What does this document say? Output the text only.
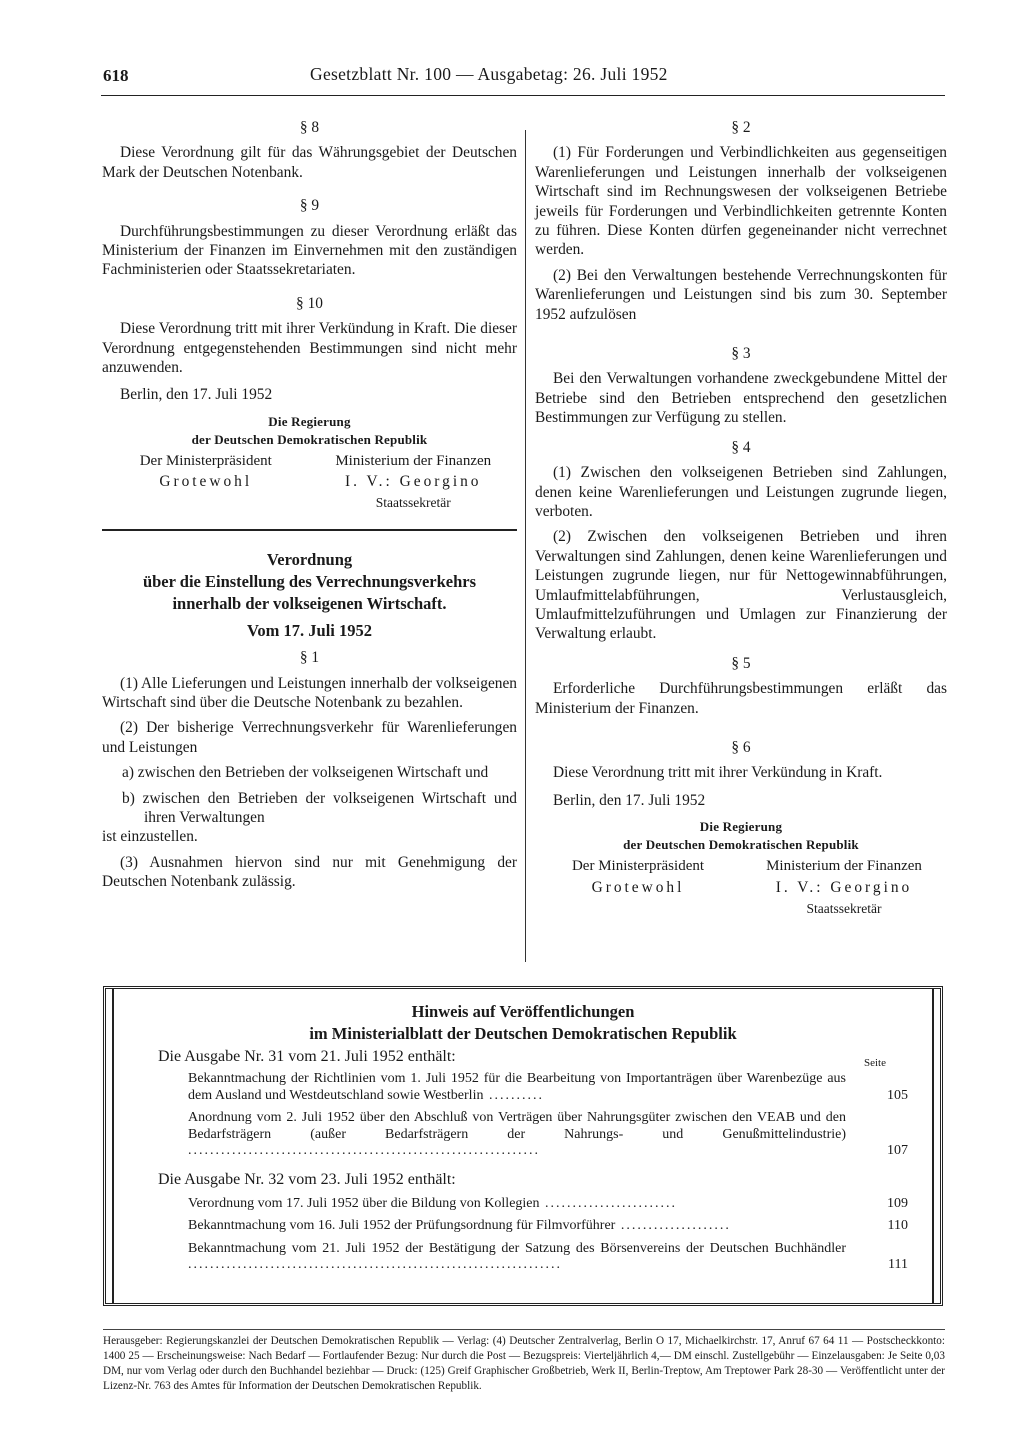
618	Gesetzblatt Nr. 100 — Ausgabetag: 26. Juli 1952
§ 8

Diese Verordnung gilt für das Währungsgebiet der Deutschen Mark der Deutschen Notenbank.

§ 9

Durchführungsbestimmungen zu dieser Verordnung erläßt das Ministerium der Finanzen im Einvernehmen mit den zuständigen Fachministerien oder Staatssekretariaten.

§ 10

Diese Verordnung tritt mit ihrer Verkündung in Kraft. Die dieser Verordnung entgegenstehenden Bestimmungen sind nicht mehr anzuwenden.

Berlin, den 17. Juli 1952
Die Regierung
der Deutschen Demokratischen Republik
Der Ministerpräsident
Grotewohl
Ministerium der Finanzen
I. V.: Georgino
Staatssekretär
Verordnung
über die Einstellung des Verrechnungsverkehrs
innerhalb der volkseigenen Wirtschaft.
Vom 17. Juli 1952
§ 1

(1) Alle Lieferungen und Leistungen innerhalb der volkseigenen Wirtschaft sind über die Deutsche Notenbank zu bezahlen.

(2) Der bisherige Verrechnungsverkehr für Warenlieferungen und Leistungen

a) zwischen den Betrieben der volkseigenen Wirtschaft und

b) zwischen den Betrieben der volkseigenen Wirtschaft und ihren Verwaltungen

ist einzustellen.

(3) Ausnahmen hiervon sind nur mit Genehmigung der Deutschen Notenbank zulässig.

§ 2

(1) Für Forderungen und Verbindlichkeiten aus gegenseitigen Warenlieferungen und Leistungen innerhalb der volkseigenen Wirtschaft sind im Rechnungswesen der volkseigenen Betriebe jeweils für Forderungen und Verbindlichkeiten getrennte Konten zu führen. Diese Konten dürfen gegeneinander nicht verrechnet werden.

(2) Bei den Verwaltungen bestehende Verrechnungskonten für Warenlieferungen und Leistungen sind bis zum 30. September 1952 aufzulösen

§ 3

Bei den Verwaltungen vorhandene zweckgebundene Mittel der Betriebe sind den Betrieben entsprechend den gesetzlichen Bestimmungen zur Verfügung zu stellen.

§ 4

(1) Zwischen den volkseigenen Betrieben sind Zahlungen, denen keine Warenlieferungen und Leistungen zugrunde liegen, verboten.

(2) Zwischen den volkseigenen Betrieben und ihren Verwaltungen sind Zahlungen, denen keine Warenlieferungen und Leistungen zugrunde liegen, nur für Nettogewinnabführungen, Umlaufmittelabführungen, Verlustausgleich, Umlaufmittelzuführungen und Umlagen zur Finanzierung der Verwaltung erlaubt.

§ 5

Erforderliche Durchführungsbestimmungen erläßt das Ministerium der Finanzen.

§ 6

Diese Verordnung tritt mit ihrer Verkündung in Kraft.

Berlin, den 17. Juli 1952
Die Regierung
der Deutschen Demokratischen Republik
Der Ministerpräsident
Grotewohl
Ministerium der Finanzen
I. V.: Georgino
Staatssekretär
Hinweis auf Veröffentlichungen
im Ministerialblatt der Deutschen Demokratischen Republik
Die Ausgabe Nr. 31 vom 21. Juli 1952 enthält:	Seite
Bekanntmachung der Richtlinien vom 1. Juli 1952 für die Bearbeitung von Importanträgen über Warenbezüge aus dem Ausland und Westdeutschland sowie Westberlin ..........	105
Anordnung vom 2. Juli 1952 über den Abschluß von Verträgen über Nahrungsgüter zwischen den VEAB und den Bedarfsträgern (außer Bedarfsträgern der Nahrungs- und Genußmittelindustrie) ................................................................	107
Die Ausgabe Nr. 32 vom 23. Juli 1952 enthält:
Verordnung vom 17. Juli 1952 über die Bildung von Kollegien ........................	109
Bekanntmachung vom 16. Juli 1952 der Prüfungsordnung für Filmvorführer ....................	110
Bekanntmachung vom 21. Juli 1952 der Bestätigung der Satzung des Börsenvereins der Deutschen Buchhändler ....................................................................	111
Herausgeber: Regierungskanzlei der Deutschen Demokratischen Republik — Verlag: (4) Deutscher Zentralverlag, Berlin O 17, Michaelkirchstr. 17, Anruf 67 64 11 — Postscheckkonto: 1400 25 — Erscheinungsweise: Nach Bedarf — Fortlaufender Bezug: Nur durch die Post — Bezugspreis: Vierteljährlich 4,— DM einschl. Zustellgebühr — Einzelausgaben: Je Seite 0,03 DM, nur vom Verlag oder durch den Buchhandel beziehbar — Druck: (125) Greif Graphischer Großbetrieb, Werk II, Berlin-Treptow, Am Treptower Park 28-30 — Veröffentlicht unter der Lizenz-Nr. 763 des Amtes für Information der Deutschen Demokratischen Republik.
